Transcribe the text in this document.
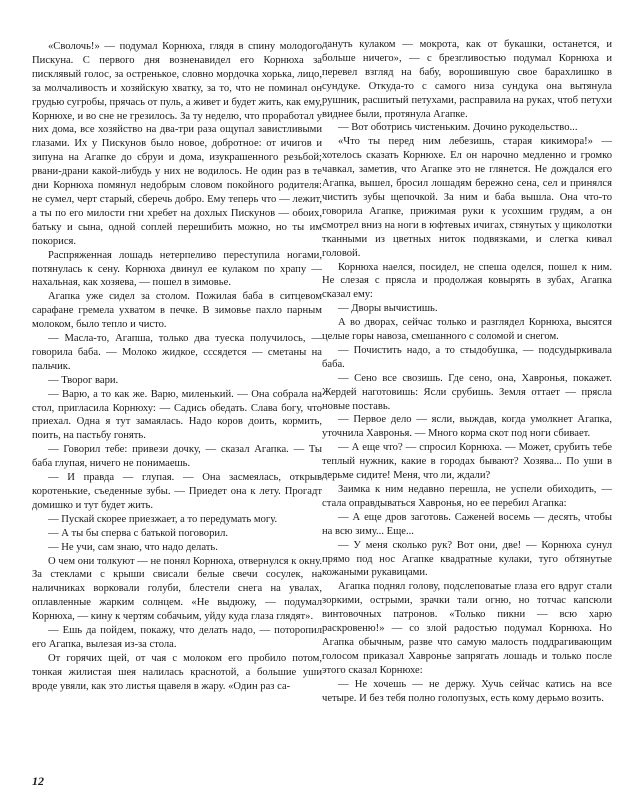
«Сволочь!» — подумал Корнюха, глядя в спину молодого Пискуна. С первого дня возненавидел его Корнюха за писклявый голос, за остренькое, словно мордочка хорька, лицо, за молчаливость и хозяйскую хватку, за то, что не поминал он грудью сугробы, прячась от пуль, а живет и будет жить, как ему, Корнюхе, и во сне не грезилось. За ту неделю, что проработал у них дома, все хозяйство на два-три раза ощупал завистливыми глазами. Их у Пискунов было новое, добротное: от ичигов и зипуна на Агапке до сбруи и дома, изукрашенного резьбой; рвани-драни какой-либудь у них не водилось. Не один раз в те дни Корнюха помянул недобрым словом покойного родителя: не сумел, черт старый, сберечь добро. Ему теперь что — лежит, а ты по его милости гни хребет на дохлых Пискунов — обоих, батьку и сына, одной соплей перешибить можно, но ты им покорися.

Распряженная лошадь нетерпеливо переступила ногами, потянулась к сену. Корнюха двинул ее кулаком по храпу — нахальная, как хозяева, — пошел в зимовье.

Агапка уже сидел за столом. Пожилая баба в ситцевом сарафане гремела ухватом в печке. В зимовье пахло парным молоком, было тепло и чисто.

— Масла-то, Агапша, только два туеска получилось, — говорила баба. — Молоко жидкое, сссядется — сметаны на пальчик.

— Творог вари.

— Варю, а то как же. Варю, миленький. — Она собрала на стол, пригласила Корнюху: — Садись обедать. Слава богу, что приехал. Одна я тут замаялась. Надо коров доить, кормить, поить, на пастьбу гонять.

— Говорил тебе: привези дочку, — сказал Агапка. — Ты баба глупая, ничего не понимаешь.

— И правда — глупая. — Она засмеялась, открыв коротенькие, съеденные зубы. — Приедет она к лету. Прогадт домишко и тут будет жить.

— Пускай скорее приезжает, а то передумать могу.

— А ты бы сперва с батькой поговорил.

— Не учи, сам знаю, что надо делать.

О чем они толкуют — не понял Корнюха, отвернулся к окну. За стеклами с крыши свисали белые свечи сосулек, на наличниках ворковали голуби, блестели снега на увалах, оплавленные жарким солнцем. «Не выдюжу, — подумал Корнюха, — кину к чертям собачьим, уйду куда глаза глядят».

— Ешь да пойдем, покажу, что делать надо, — поторопил его Агапка, вылезая из-за стола.

От горячих щей, от чая с молоком его пробило потом, тонкая жилистая шея налилась краснотой, а большие уши вроде увяли, как это листья щавеля в жару. «Один раз са-

дануть кулаком — мокрота, как от букашки, останется, и больше ничего», — с брезгливостью подумал Корнюха и перевел взгляд на бабу, ворошившую свое барахлишко в сундуке. Откуда-то с самого низа сундука она вытянула рушник, расшитый петухами, расправила на руках, чтоб петухи виднее были, протянула Агапке.

— Вот оботрись чистеньким. Дочино рукодельство...

«Что ты перед ним лебезишь, старая кикимора!» — хотелось сказать Корнюхе. Ел он нарочно медленно и громко чавкал, заметив, что Агапке это не глянется. Не дождался его Агапка, вышел, бросил лошадям бережно сена, сел и принялся чистить зубы щепочкой. За ним и баба вышла. Она что-то говорила Агапке, прижимая руки к усохшим грудям, а он смотрел вниз на ноги в юфтевых ичигах, стянутых у щиколотки тканными из цветных ниток подвязками, и слегка кивал головой.

Корнюха наелся, посидел, не спеша оделся, пошел к ним. Не слезая с прясла и продолжая ковырять в зубах, Агапка сказал ему:

— Дворы вычистишь.

А во дворах, сейчас только и разглядел Корнюха, высятся целые горы навоза, смешанного с соломой и снегом.

— Почистить надо, а то стыдобушка, — подсудыркивала баба.

— Сено все свозишь. Где сено, она, Хавронья, покажет. Жердей наготовишь: Ясли срубишь. Земля оттает — прясла новые поставь.

— Первое дело — ясли, выждав, когда умолкнет Агапка, уточнила Хавронья. — Много корма скот под ноги сбивает.

— А еще что? — спросил Корнюха. — Может, срубить тебе теплый нужник, какие в городах бывают? Хозява... По уши в дерьме сидите! Меня, что ли, ждали?

Заимка к ним недавно перешла, не успели обиходить, — стала оправдываться Хавронья, но ее перебил Агапка:

— А еще дров заготовь. Саженей восемь — десять, чтобы на всю зиму... Еще...

— У меня сколько рук? Вот они, две! — Корнюха сунул прямо под нос Агапке квадратные кулаки, туго обтянутые кожаными рукавицами.

Агапка поднял голову, подслеповатые глаза его вдруг стали зоркими, острыми, зрачки тали огню, но тотчас капсюли винтовочных патронов. «Только пикни — всю харю раскровеню!» — со злой радостью подумал Корнюха. Но Агапка обычным, разве что самую малость поддрагивающим голосом приказал Хавронье запрягать лошадь и только после этого сказал Корнюхе:

— Не хочешь — не держу. Хучь сейчас катись на все четыре. И без тебя полно голопузых, есть кому дерьмо возить.

12
